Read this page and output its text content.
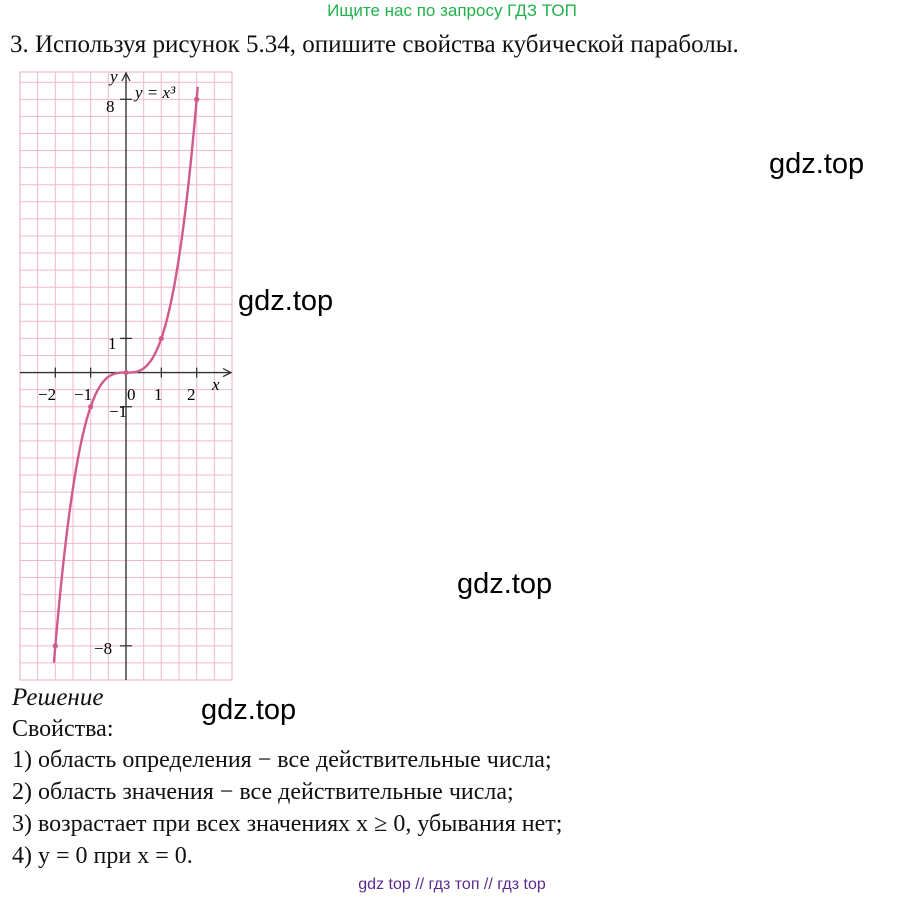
Ищите нас по запросу ГДЗ ТОП
3. Используя рисунок 5.34, опишите свойства кубической параболы.
y
x
y = x³
−2 −1 0 1 2
8
1
−1
−8
gdz.top
gdz.top
gdz.top
gdz.top
Решение
Свойства:
1) область определения − все действительные числа;
2) область значения − все действительные числа;
3) возрастает при всех значениях x ≥ 0, убывания нет;
4) y = 0 при x = 0.
gdz top // гдз топ // гдз top
